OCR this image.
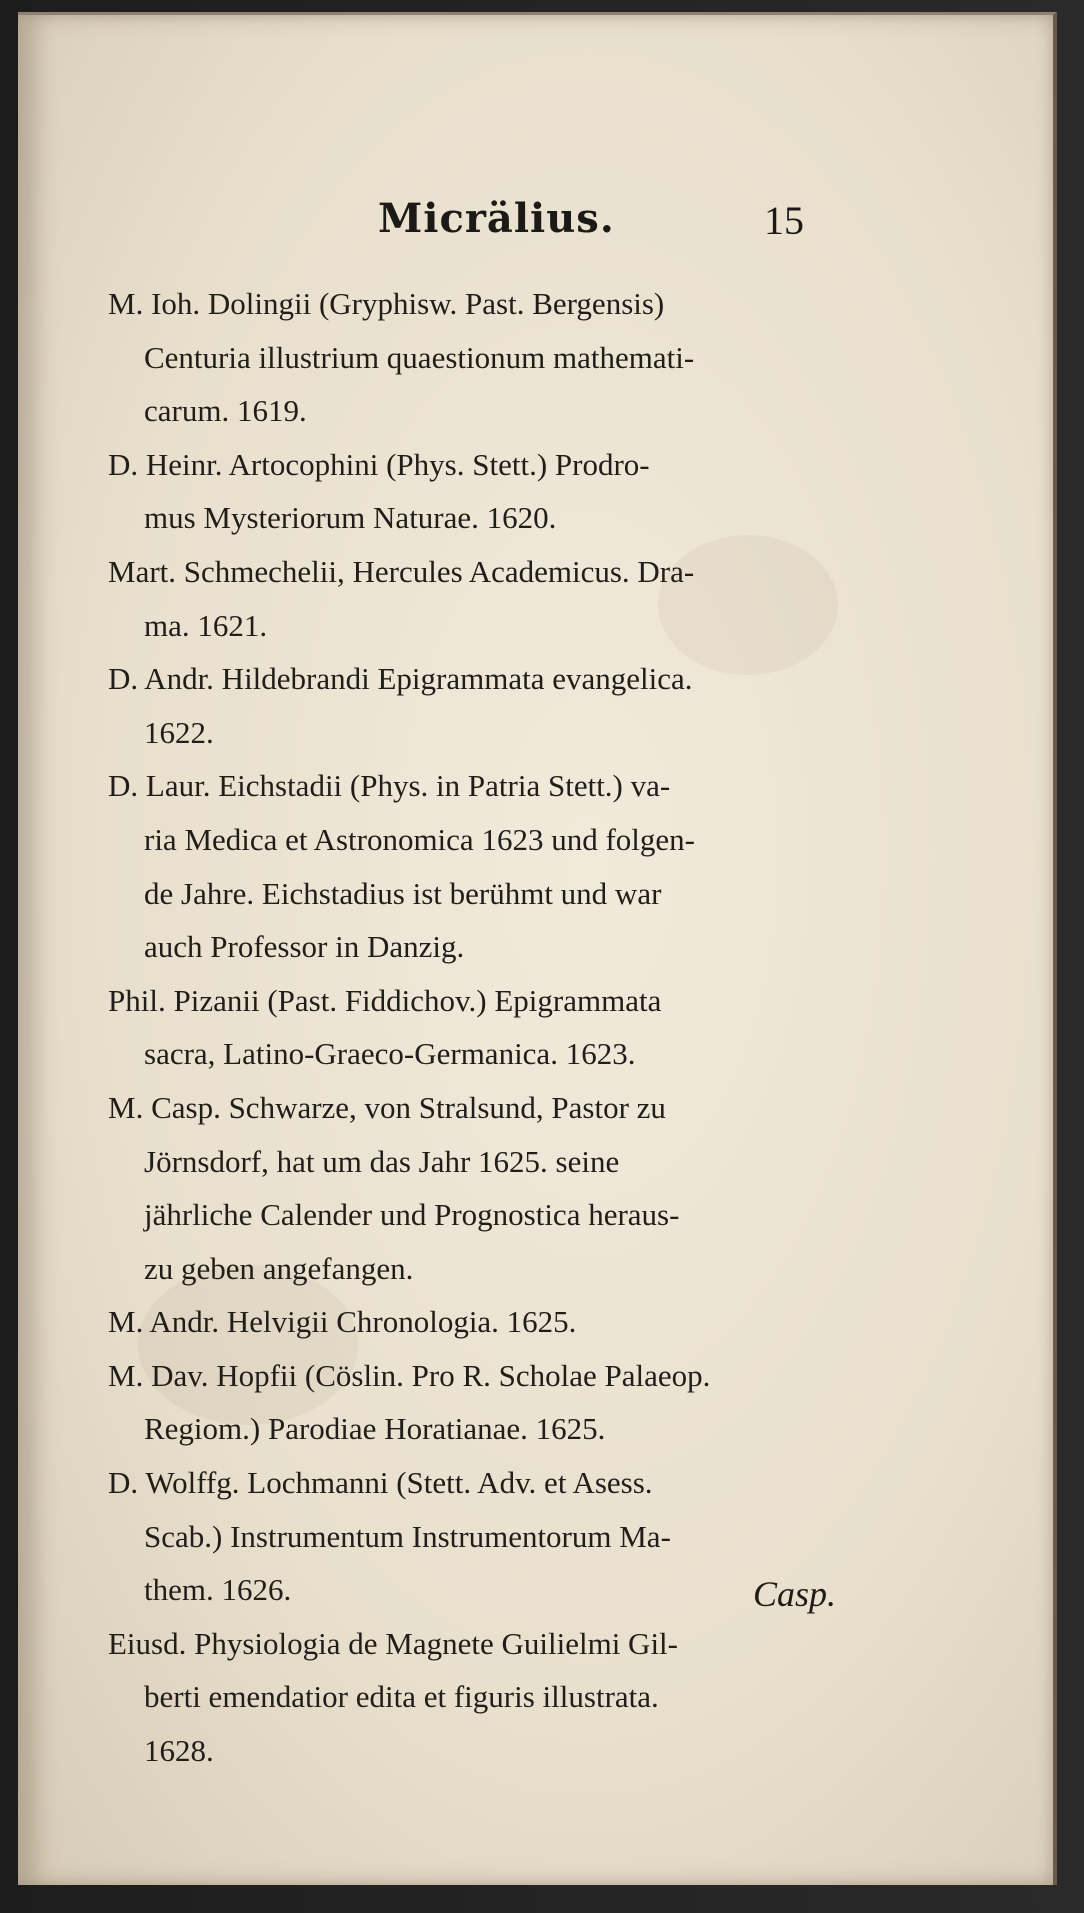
Micrälius.	15
M. Ioh. Dolingii (Gryphisw. Past. Bergensis)
Centuria illustrium quaestionum mathemati-
carum. 1619.
D. Heinr. Artocophini (Phys. Stett.) Prodro-
mus Mysteriorum Naturae. 1620.
Mart. Schmechelii, Hercules Academicus. Dra-
ma. 1621.
D. Andr. Hildebrandi Epigrammata evangelica.
1622.
D. Laur. Eichstadii (Phys. in Patria Stett.) va-
ria Medica et Astronomica 1623 und folgen-
de Jahre. Eichstadius ist berühmt und war
auch Professor in Danzig.
Phil. Pizanii (Past. Fiddichov.) Epigrammata
sacra, Latino-Graeco-Germanica. 1623.
M. Casp. Schwarze, von Stralsund, Pastor zu
Jörnsdorf, hat um das Jahr 1625. seine
jährliche Calender und Prognostica heraus-
zu geben angefangen.
M. Andr. Helvigii Chronologia. 1625.
M. Dav. Hopfii (Cöslin. Pro R. Scholae Palaeop.
Regiom.) Parodiae Horatianae. 1625.
D. Wolffg. Lochmanni (Stett. Adv. et Asess.
Scab.) Instrumentum Instrumentorum Ma-
them. 1626.
Eiusd. Physiologia de Magnete Guilielmi Gil-
berti emendatior edita et figuris illustrata.
1628.
Casp.
